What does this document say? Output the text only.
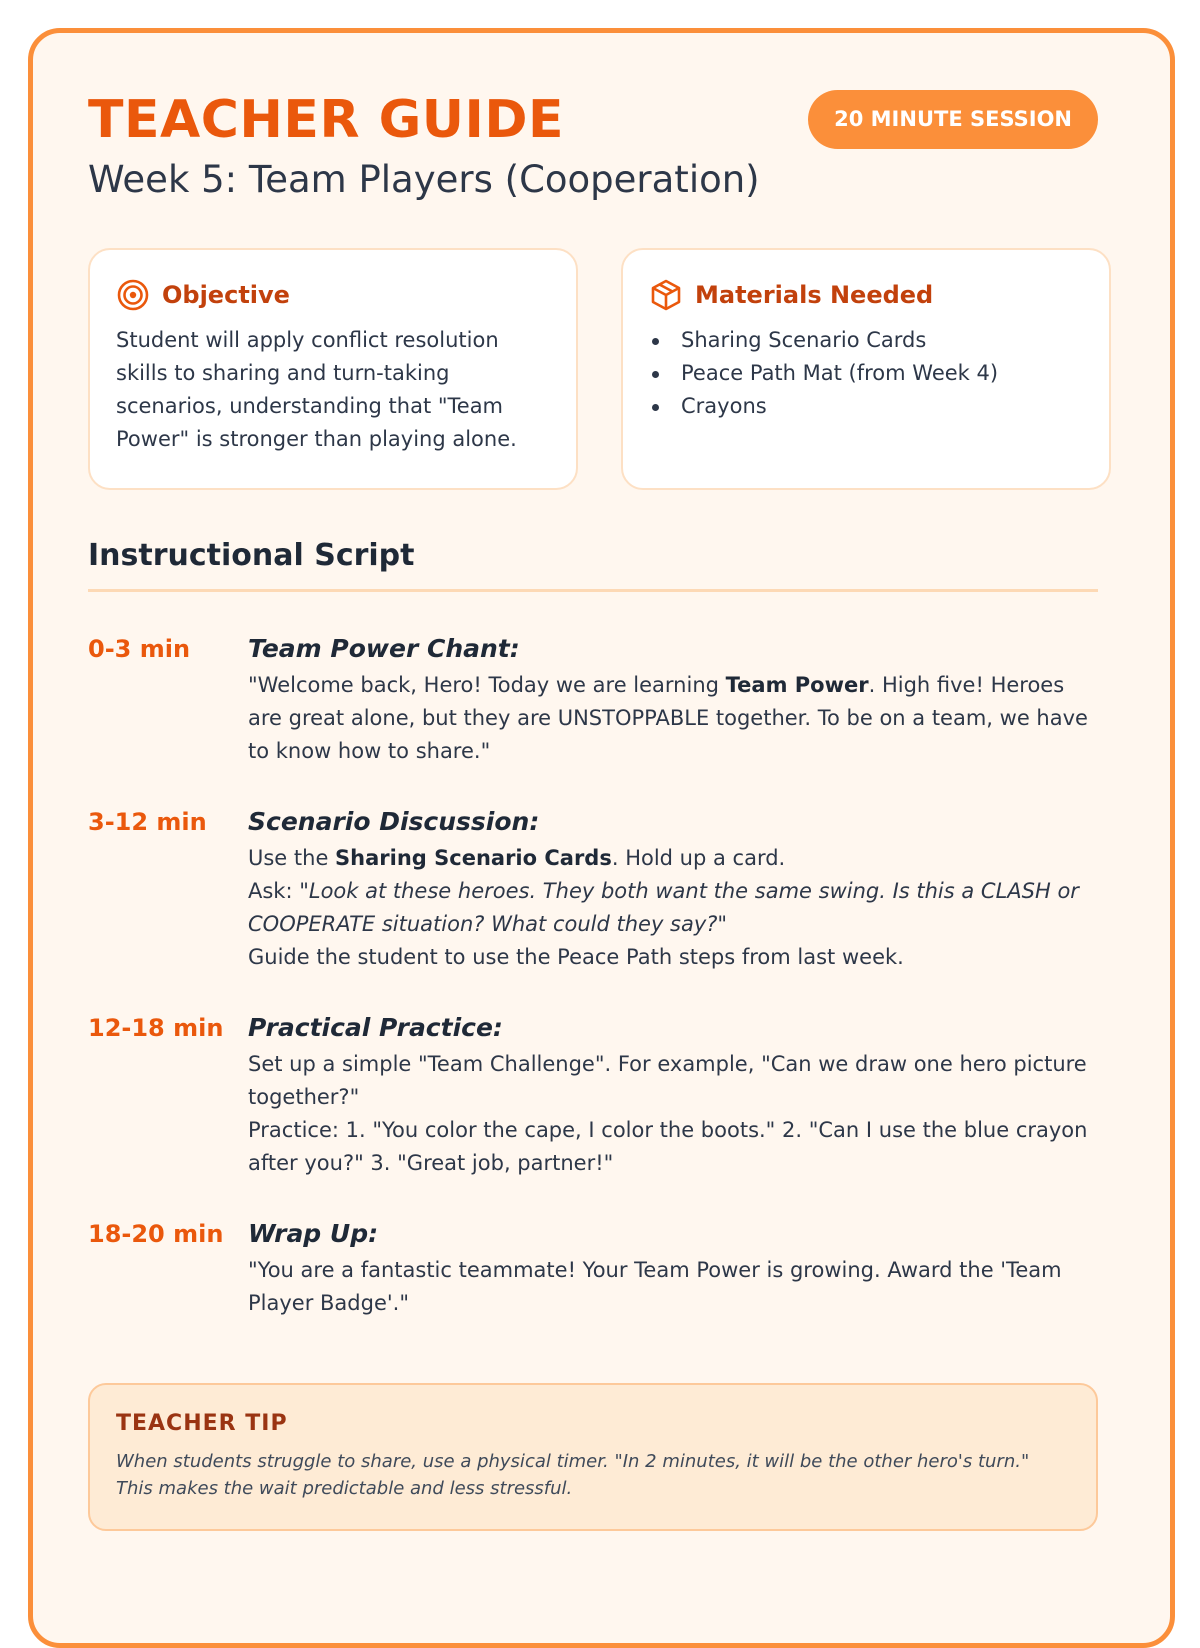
TEACHER GUIDE
Week 5: Team Players (Cooperation)
20 MINUTE SESSION
Objective
Student will apply conflict resolution skills to sharing and turn-taking scenarios, understanding that "Team Power" is stronger than playing alone.
Materials Needed
Sharing Scenario Cards
Peace Path Mat (from Week 4)
Crayons
Instructional Script
0-3 min	Team Power Chant:
"Welcome back, Hero! Today we are learning Team Power. High five! Heroes are great alone, but they are UNSTOPPABLE together. To be on a team, we have to know how to share."
3-12 min	Scenario Discussion:
Use the Sharing Scenario Cards. Hold up a card.
Ask: "Look at these heroes. They both want the same swing. Is this a CLASH or COOPERATE situation? What could they say?"
Guide the student to use the Peace Path steps from last week.
12-18 min Practical Practice:
Set up a simple "Team Challenge". For example, "Can we draw one hero picture together?"
Practice: 1. "You color the cape, I color the boots." 2. "Can I use the blue crayon after you?" 3. "Great job, partner!"
18-20 min Wrap Up:
"You are a fantastic teammate! Your Team Power is growing. Award the 'Team Player Badge'."
TEACHER TIP
When students struggle to share, use a physical timer. "In 2 minutes, it will be the other hero's turn." This makes the wait predictable and less stressful.
